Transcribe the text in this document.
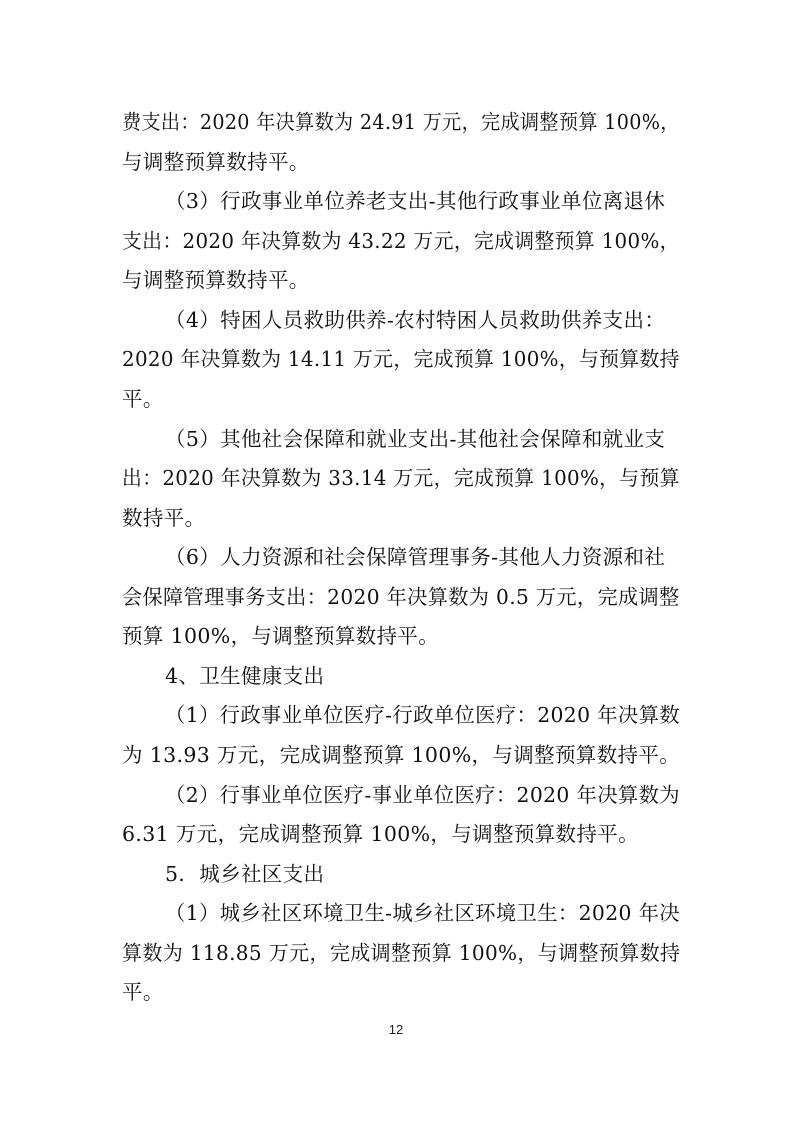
费支出：2020 年决算数为 24.91 万元，完成调整预算 100%，
与调整预算数持平。
（3）行政事业单位养老支出-其他行政事业单位离退休
支出：2020 年决算数为 43.22 万元，完成调整预算 100%，
与调整预算数持平。
（4）特困人员救助供养-农村特困人员救助供养支出：
2020 年决算数为 14.11 万元，完成预算 100%，与预算数持
平。
（5）其他社会保障和就业支出-其他社会保障和就业支
出：2020 年决算数为 33.14 万元，完成预算 100%，与预算
数持平。
（6）人力资源和社会保障管理事务-其他人力资源和社
会保障管理事务支出：2020 年决算数为 0.5 万元，完成调整
预算 100%，与调整预算数持平。
4、卫生健康支出
（1）行政事业单位医疗-行政单位医疗：2020 年决算数
为 13.93 万元，完成调整预算 100%，与调整预算数持平。
（2）行事业单位医疗-事业单位医疗：2020 年决算数为
6.31 万元，完成调整预算 100%，与调整预算数持平。
5．城乡社区支出
（1）城乡社区环境卫生-城乡社区环境卫生：2020 年决
算数为 118.85 万元，完成调整预算 100%，与调整预算数持
平。
12
